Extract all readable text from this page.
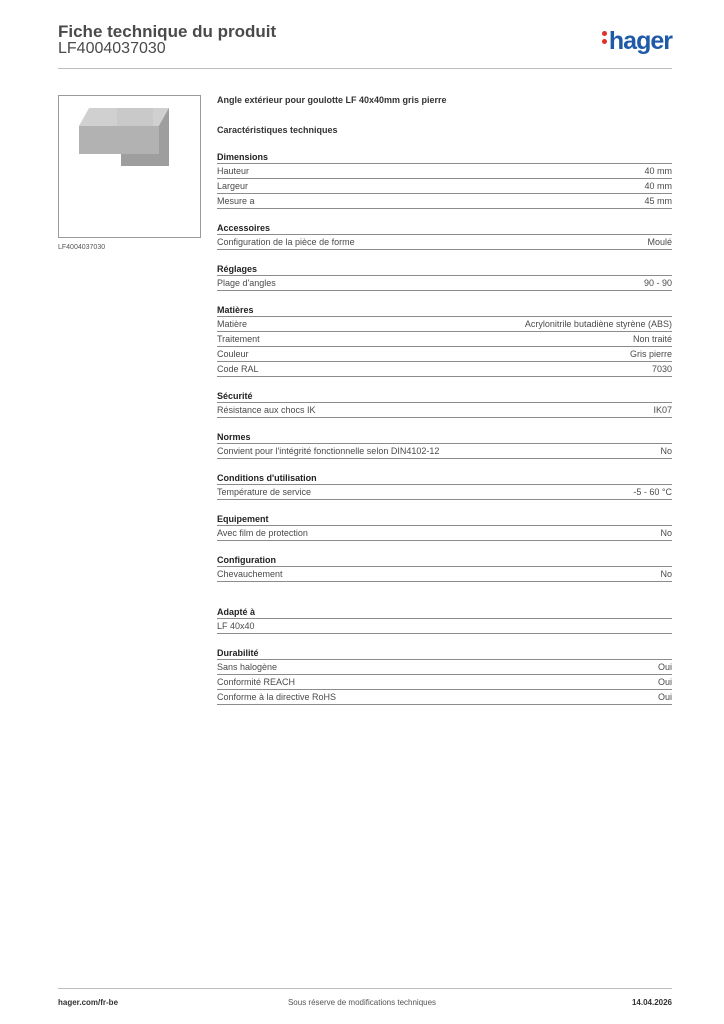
Fiche technique du produit
LF4004037030	hager
LF4004037030
Angle extérieur pour goulotte LF 40x40mm gris pierre
Caractéristiques techniques
Dimensions
Hauteur	40 mm
Largeur	40 mm
Mesure a	45 mm
Accessoires
Configuration de la pièce de forme	Moulé
Réglages
Plage d'angles	90 - 90
Matières
Matière	Acrylonitrile butadiène styrène (ABS)
Traitement	Non traité
Couleur	Gris pierre
Code RAL	7030
Sécurité
Résistance aux chocs IK	IK07
Normes
Convient pour l'intégrité fonctionnelle selon DIN4102-12	No
Conditions d'utilisation
Température de service	-5 - 60 °C
Equipement
Avec film de protection	No
Configuration
Chevauchement	No
Adapté à
LF 40x40
Durabilité
Sans halogène	Oui
Conformité REACH	Oui
Conforme à la directive RoHS	Oui
hager.com/fr-be	Sous réserve de modifications techniques	14.04.2026
